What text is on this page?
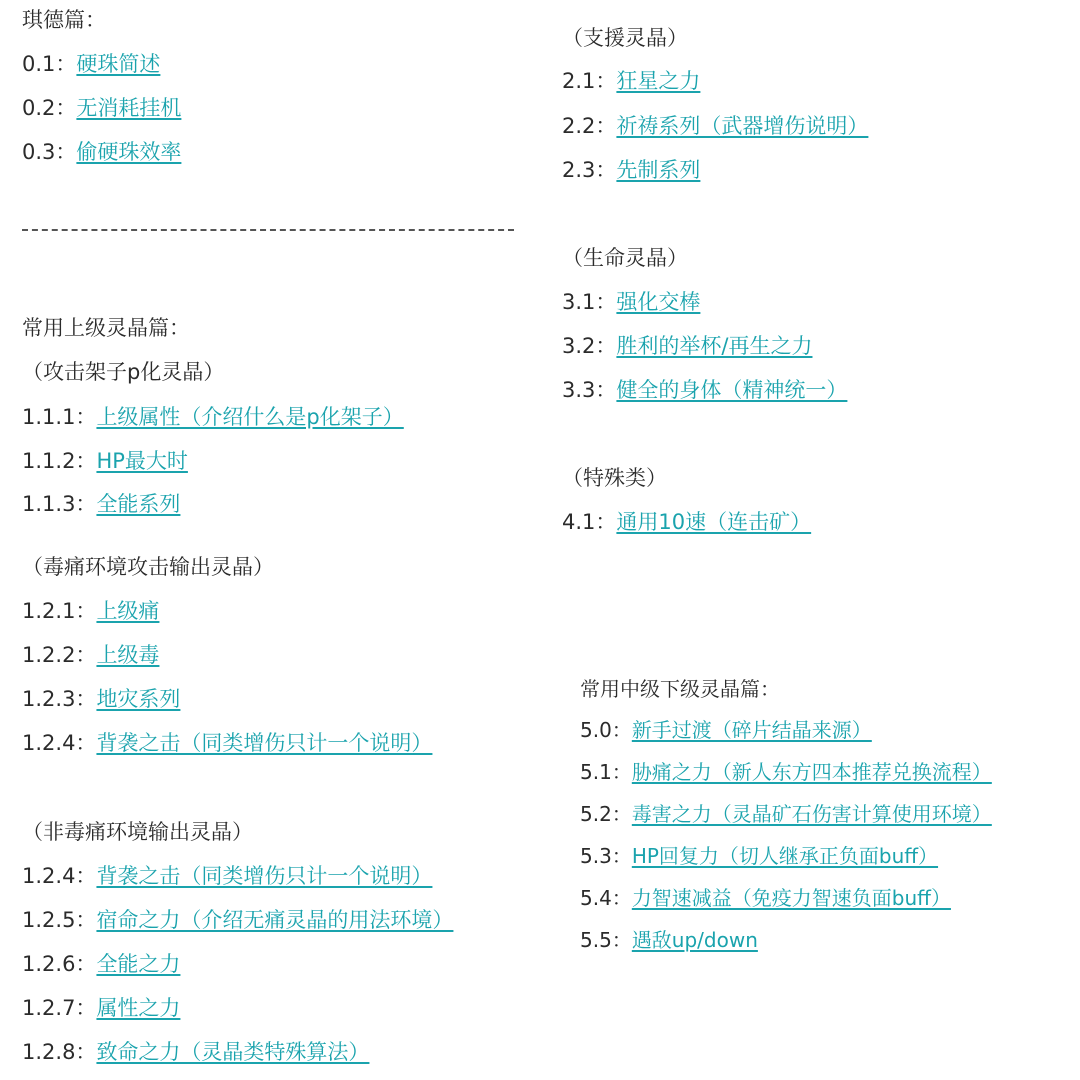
琪德篇：
0.1：硬珠简述
0.2：无消耗挂机
0.3：偷硬珠效率
常用上级灵晶篇：
（攻击架子p化灵晶）
1.1.1：上级属性（介绍什么是p化架子）
1.1.2：HP最大时
1.1.3：全能系列
（毒痛环境攻击输出灵晶）
1.2.1：上级痛
1.2.2：上级毒
1.2.3：地灾系列
1.2.4：背袭之击（同类增伤只计一个说明）
（非毒痛环境输出灵晶）
1.2.4：背袭之击（同类增伤只计一个说明）
1.2.5：宿命之力（介绍无痛灵晶的用法环境）
1.2.6：全能之力
1.2.7：属性之力
1.2.8：致命之力（灵晶类特殊算法）
（支援灵晶）
2.1：狂星之力
2.2：祈祷系列（武器增伤说明）
2.3：先制系列
（生命灵晶）
3.1：强化交棒
3.2：胜利的举杯/再生之力
3.3：健全的身体（精神统一）
（特殊类）
4.1：通用10速（连击矿）
常用中级下级灵晶篇：
5.0：新手过渡（碎片结晶来源）
5.1：胁痛之力（新人东方四本推荐兑换流程）
5.2：毒害之力（灵晶矿石伤害计算使用环境）
5.3：HP回复力（切人继承正负面buff）
5.4：力智速减益（免疫力智速负面buff）
5.5：遇敌up/down
